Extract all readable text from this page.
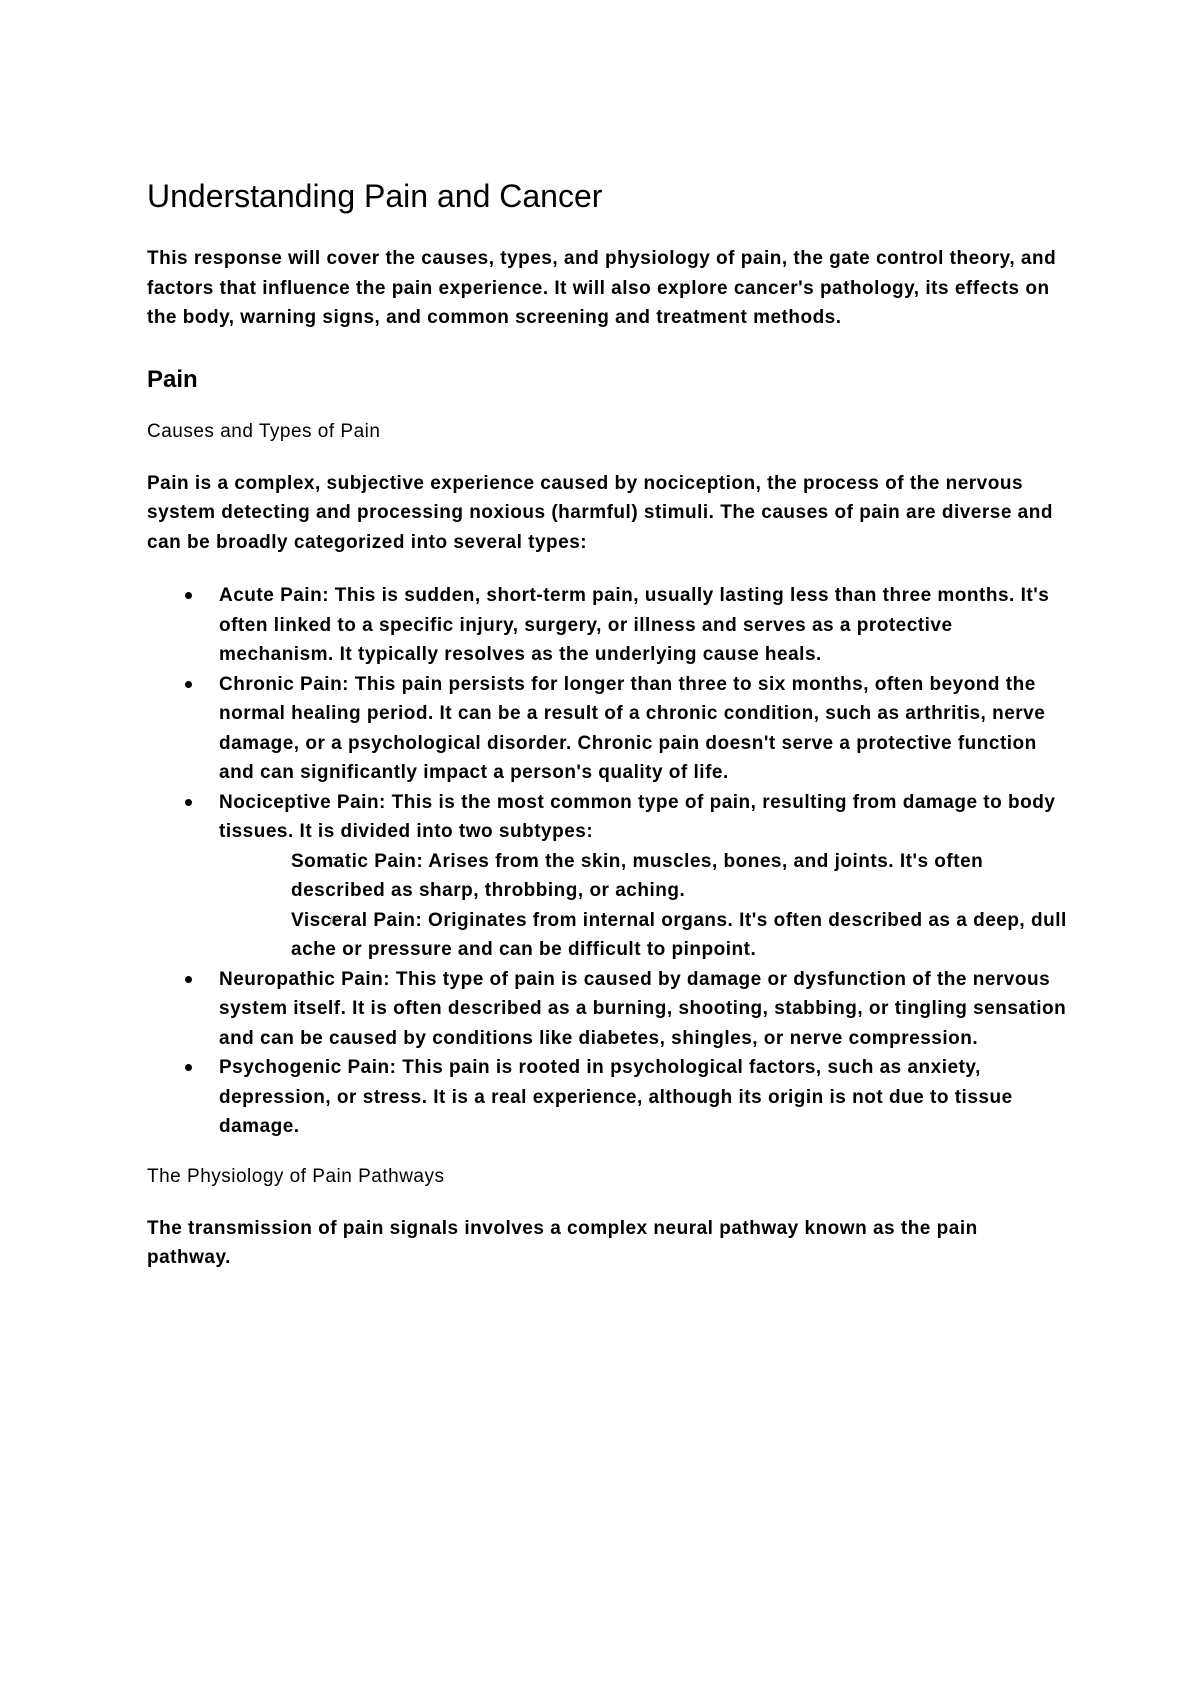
Understanding Pain and Cancer

This response will cover the causes, types, and physiology of pain, the gate control theory, and factors that influence the pain experience. It will also explore cancer's pathology, its effects on the body, warning signs, and common screening and treatment methods.

Pain
Causes and Types of Pain

Pain is a complex, subjective experience caused by nociception, the process of the nervous system detecting and processing noxious (harmful) stimuli. The causes of pain are diverse and can be broadly categorized into several types:

Acute Pain: This is sudden, short-term pain, usually lasting less than three months. It's often linked to a specific injury, surgery, or illness and serves as a protective mechanism. It typically resolves as the underlying cause heals.
Chronic Pain: This pain persists for longer than three to six months, often beyond the normal healing period. It can be a result of a chronic condition, such as arthritis, nerve damage, or a psychological disorder. Chronic pain doesn't serve a protective function and can significantly impact a person's quality of life.
Nociceptive Pain: This is the most common type of pain, resulting from damage to body tissues. It is divided into two subtypes:
Somatic Pain: Arises from the skin, muscles, bones, and joints. It's often described as sharp, throbbing, or aching.
Visceral Pain: Originates from internal organs. It's often described as a deep, dull ache or pressure and can be difficult to pinpoint.
Neuropathic Pain: This type of pain is caused by damage or dysfunction of the nervous system itself. It is often described as a burning, shooting, stabbing, or tingling sensation and can be caused by conditions like diabetes, shingles, or nerve compression.
Psychogenic Pain: This pain is rooted in psychological factors, such as anxiety, depression, or stress. It is a real experience, although its origin is not due to tissue damage.
The Physiology of Pain Pathways

The transmission of pain signals involves a complex neural pathway known as the pain pathway.
